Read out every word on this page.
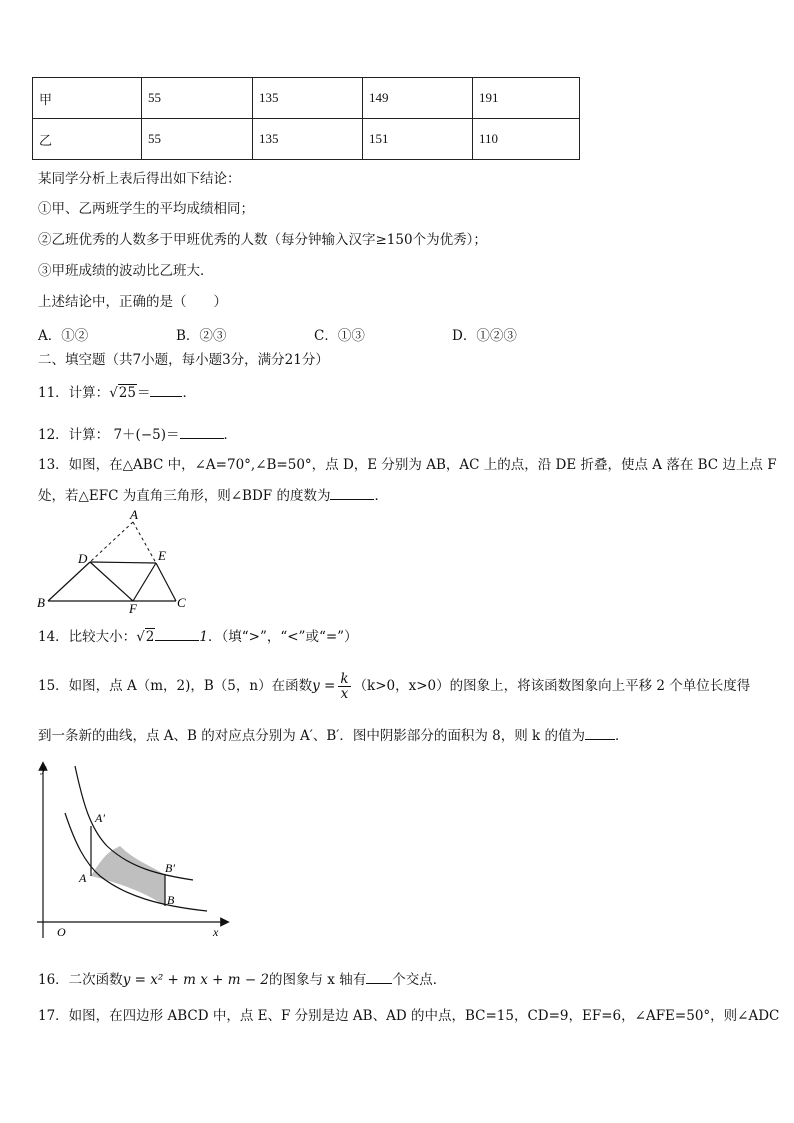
甲	55	135	149	191
乙	55	135	151	110
某同学分析上表后得出如下结论：
①甲、乙两班学生的平均成绩相同；
②乙班优秀的人数多于甲班优秀的人数（每分钟输入汉字≥150个为优秀）；
③甲班成绩的波动比乙班大．
上述结论中，正确的是（　　）
A．①②	B．②③	C．①③	D．①②③
二、填空题（共7小题，每小题3分，满分21分）
11．计算：√25＝ ．
12．计算： 7＋(−5)＝	．
13．如图，在△ABC 中，∠A=70°,∠B=50°，点 D，E 分别为 AB，AC 上的点，沿 DE 折叠，使点 A 落在 BC 边上点 F
处，若△EFC 为直角三角形，则∠BDF 的度数为	．
A
D	E
B	F	C
14．比较大小：√2	1．（填“>”，“<”或“=”）
15．如图，点 A（m，2)，B（5，n）在函数$y = \frac{k}{x} (k>0$，x>0）的图象上，将该函数图象向上平移 2 个单位长度得
到一条新的曲线，点 A、B 的对应点分别为 A′、B′．图中阴影部分的面积为 8，则 k 的值为 ．
y
x
O
A′
A
B′
B
16．二次函数y = x² + m x + m − 2的图象与 x 轴有 个交点．
17．如图，在四边形 ABCD 中，点 E、F 分别是边 AB、AD 的中点，BC=15，CD=9，EF=6，∠AFE=50°，则∠ADC
